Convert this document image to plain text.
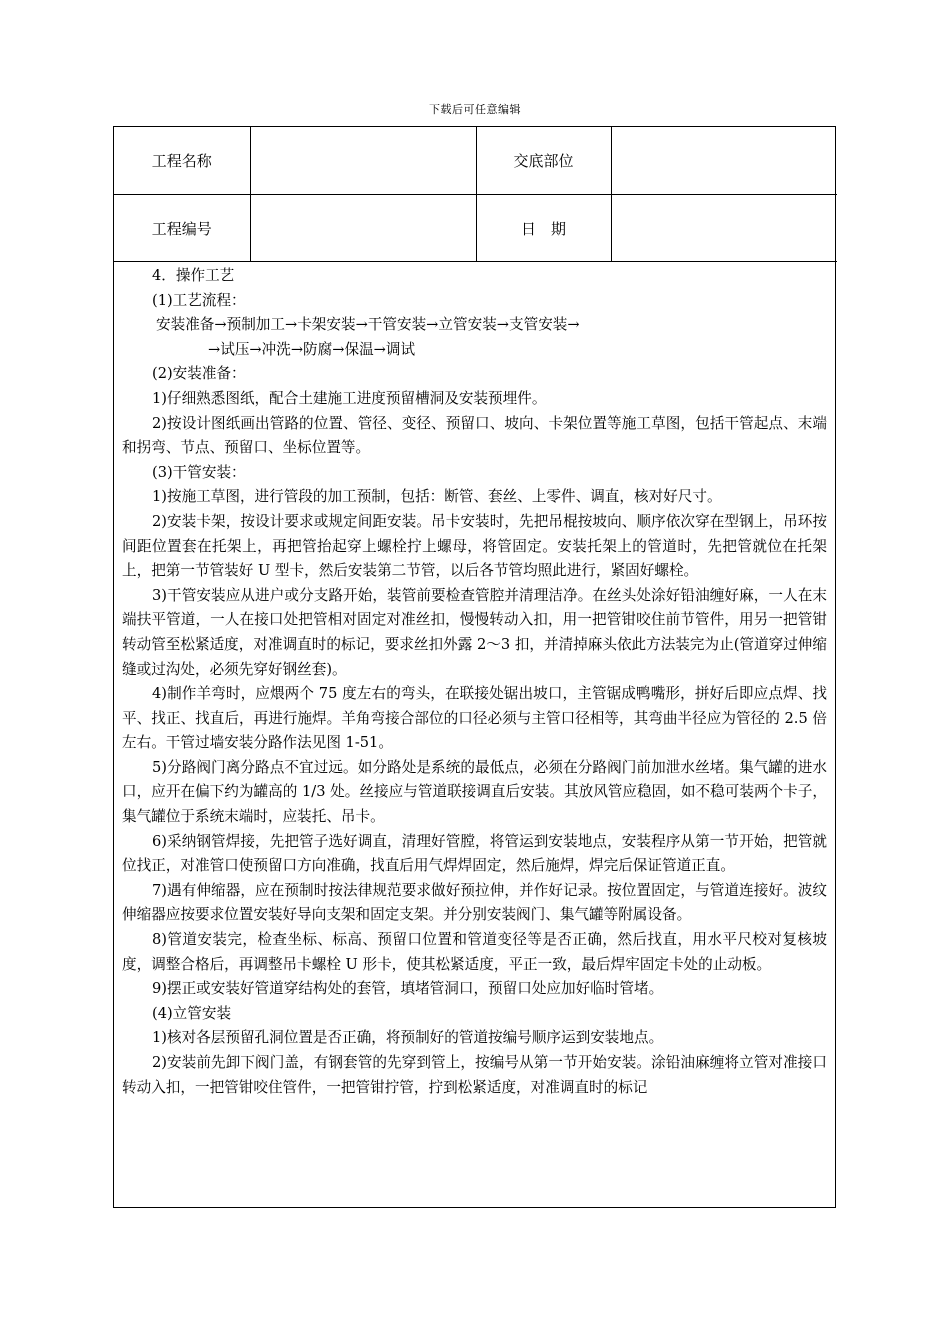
下载后可任意编辑
工程名称		交底部位	
工程编号		日　期	

4．操作工艺

(1)工艺流程：

安装准备→预制加工→卡架安装→干管安装→立管安装→支管安装→

→试压→冲洗→防腐→保温→调试

(2)安装准备：

1)仔细熟悉图纸，配合土建施工进度预留槽洞及安装预埋件。

2)按设计图纸画出管路的位置、管径、变径、预留口、坡向、卡架位置等施工草图，包括干管起点、末端和拐弯、节点、预留口、坐标位置等。

(3)干管安装：

1)按施工草图，进行管段的加工预制，包括：断管、套丝、上零件、调直，核对好尺寸。

2)安装卡架，按设计要求或规定间距安装。吊卡安装时，先把吊棍按坡向、顺序依次穿在型钢上，吊环按间距位置套在托架上，再把管抬起穿上螺栓拧上螺母，将管固定。安装托架上的管道时，先把管就位在托架上，把第一节管装好 U 型卡，然后安装第二节管，以后各节管均照此进行，紧固好螺栓。

3)干管安装应从进户或分支路开始，装管前要检查管腔并清理洁净。在丝头处涂好铅油缠好麻，一人在末端扶平管道，一人在接口处把管相对固定对准丝扣，慢慢转动入扣，用一把管钳咬住前节管件，用另一把管钳转动管至松紧适度，对准调直时的标记，要求丝扣外露 2～3 扣，并清掉麻头依此方法装完为止(管道穿过伸缩缝或过沟处，必须先穿好钢丝套)。

4)制作羊弯时，应煨两个 75 度左右的弯头，在联接处锯出坡口，主管锯成鸭嘴形，拼好后即应点焊、找平、找正、找直后，再进行施焊。羊角弯接合部位的口径必须与主管口径相等，其弯曲半径应为管径的 2.5 倍左右。干管过墙安装分路作法见图 1-51。

5)分路阀门离分路点不宜过远。如分路处是系统的最低点，必须在分路阀门前加泄水丝堵。集气罐的进水口，应开在偏下约为罐高的 1/3 处。丝接应与管道联接调直后安装。其放风管应稳固，如不稳可装两个卡子，集气罐位于系统末端时，应装托、吊卡。

6)采纳钢管焊接，先把管子选好调直，清理好管膛，将管运到安装地点，安装程序从第一节开始，把管就位找正，对准管口使预留口方向准确，找直后用气焊焊固定，然后施焊，焊完后保证管道正直。

7)遇有伸缩器，应在预制时按法律规范要求做好预拉伸，并作好记录。按位置固定，与管道连接好。波纹伸缩器应按要求位置安装好导向支架和固定支架。并分别安装阀门、集气罐等附属设备。

8)管道安装完，检查坐标、标高、预留口位置和管道变径等是否正确，然后找直，用水平尺校对复核坡度，调整合格后，再调整吊卡螺栓 U 形卡，使其松紧适度，平正一致，最后焊牢固定卡处的止动板。

9)摆正或安装好管道穿结构处的套管，填堵管洞口，预留口处应加好临时管堵。

(4)立管安装

1)核对各层预留孔洞位置是否正确，将预制好的管道按编号顺序运到安装地点。

2)安装前先卸下阀门盖，有钢套管的先穿到管上，按编号从第一节开始安装。涂铅油麻缠将立管对准接口转动入扣，一把管钳咬住管件，一把管钳拧管，拧到松紧适度，对准调直时的标记
